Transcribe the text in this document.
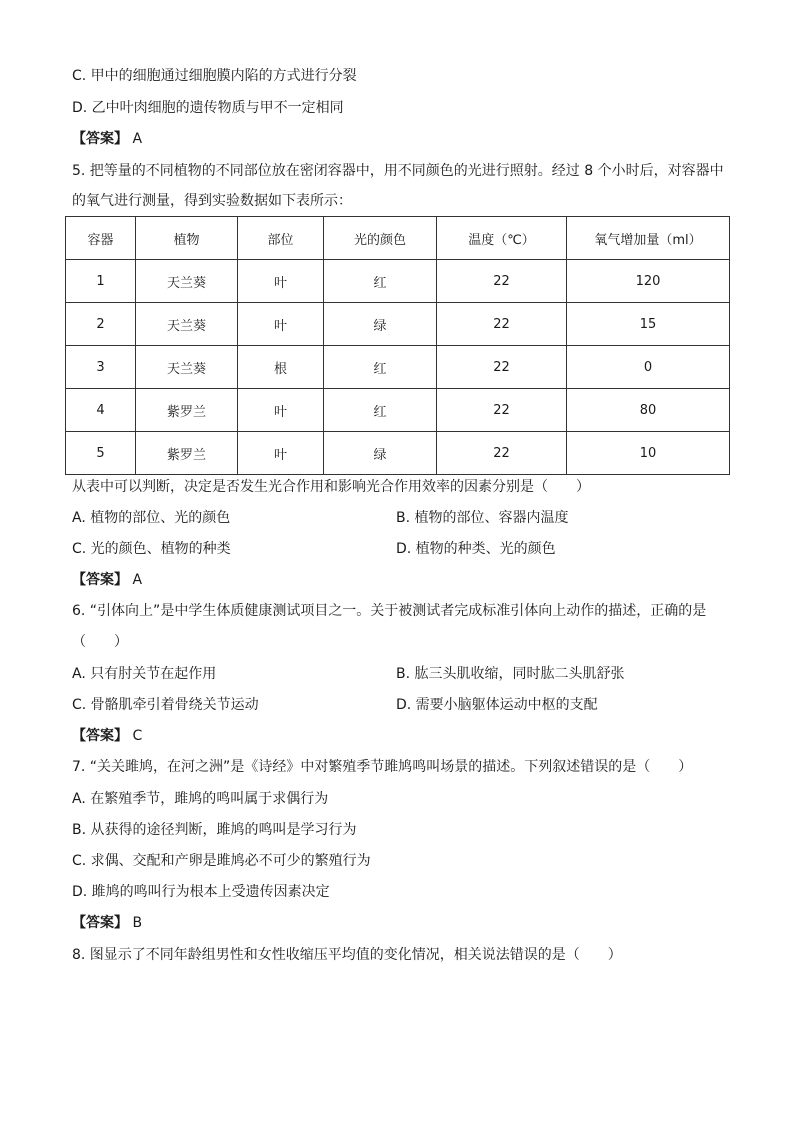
C. 甲中的细胞通过细胞膜内陷的方式进行分裂
D. 乙中叶肉细胞的遗传物质与甲不一定相同
【答案】 A
5. 把等量的不同植物的不同部位放在密闭容器中，用不同颜色的光进行照射。经过 8 个小时后，对容器中
的氧气进行测量，得到实验数据如下表所示：
容器	植物	部位	光的颜色	温度（℃）	氧气增加量（ml）
1	天兰葵	叶	红	22	120
2	天兰葵	叶	绿	22	15
3	天兰葵	根	红	22	0
4	紫罗兰	叶	红	22	80
5	紫罗兰	叶	绿	22	10
从表中可以判断，决定是否发生光合作用和影响光合作用效率的因素分别是（　　）
A. 植物的部位、光的颜色	B. 植物的部位、容器内温度
C. 光的颜色、植物的种类	D. 植物的种类、光的颜色
【答案】 A
6. “引体向上”是中学生体质健康测试项目之一。关于被测试者完成标准引体向上动作的描述，正确的是
（　　）
A. 只有肘关节在起作用	B. 肱三头肌收缩，同时肱二头肌舒张
C. 骨骼肌牵引着骨绕关节运动	D. 需要小脑躯体运动中枢的支配
【答案】 C
7. “关关雎鸠，在河之洲”是《诗经》中对繁殖季节雎鸠鸣叫场景的描述。下列叙述错误的是（　　）
A. 在繁殖季节，雎鸠的鸣叫属于求偶行为
B. 从获得的途径判断，雎鸠的鸣叫是学习行为
C. 求偶、交配和产卵是雎鸠必不可少的繁殖行为
D. 雎鸠的鸣叫行为根本上受遗传因素决定
【答案】 B
8. 图显示了不同年龄组男性和女性收缩压平均值的变化情况，相关说法错误的是（　　）
